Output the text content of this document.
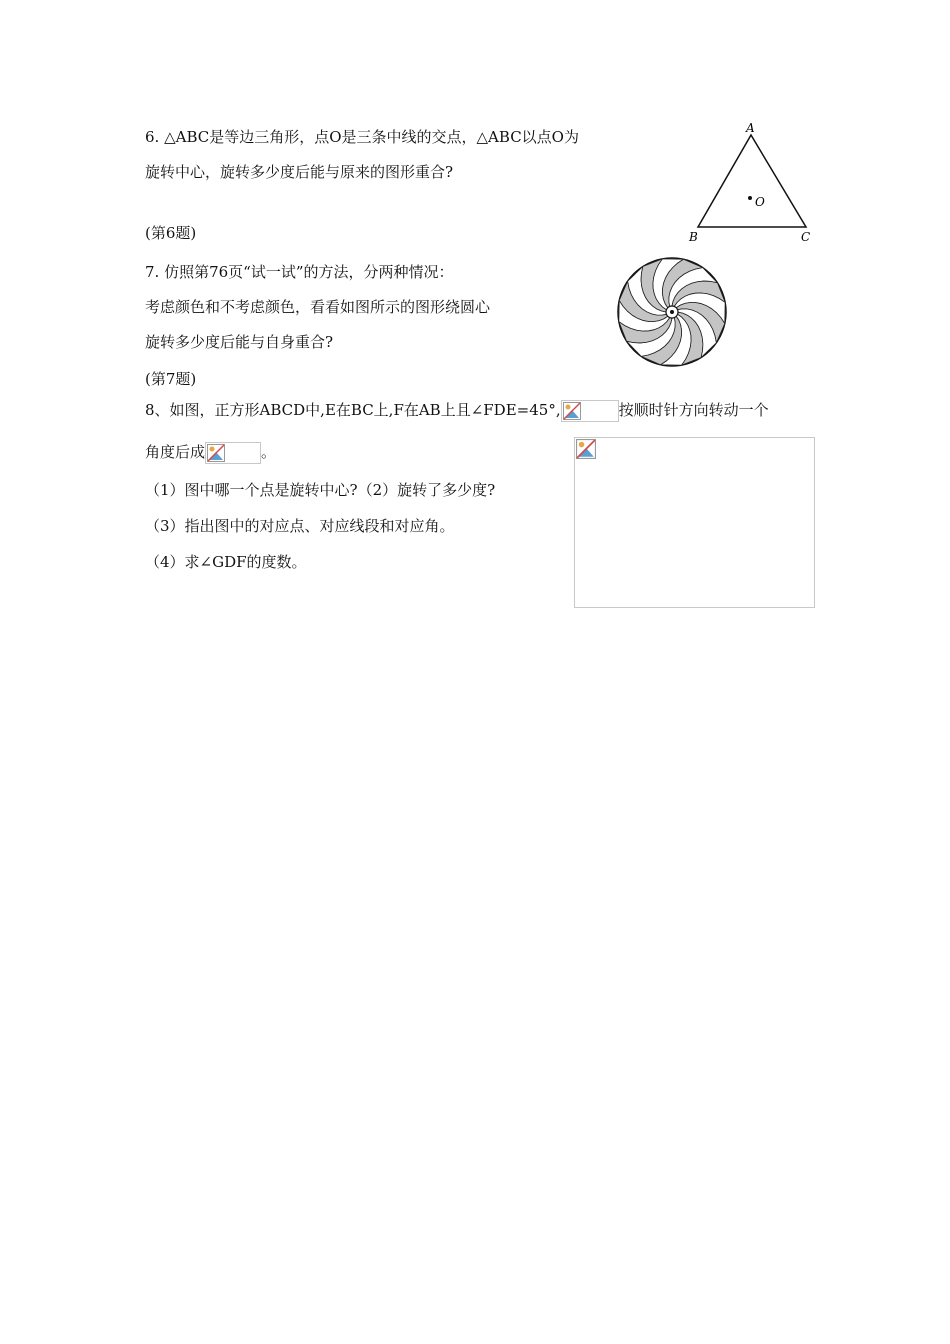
6. △ABC是等边三角形，点O是三条中线的交点，△ABC以点O为
旋转中心，旋转多少度后能与原来的图形重合?
(第6题)
A
B	C
O
7. 仿照第76页“试一试”的方法，分两种情况：
考虑颜色和不考虑颜色，看看如图所示的图形绕圆心
旋转多少度后能与自身重合?
(第7题)
8、如图，正方形ABCD中,E在BC上,F在AB上且∠FDE=45°,	按顺时针方向转动一个
角度后成	。
（1）图中哪一个点是旋转中心?（2）旋转了多少度?
（3）指出图中的对应点、对应线段和对应角。
（4）求∠GDF的度数。
